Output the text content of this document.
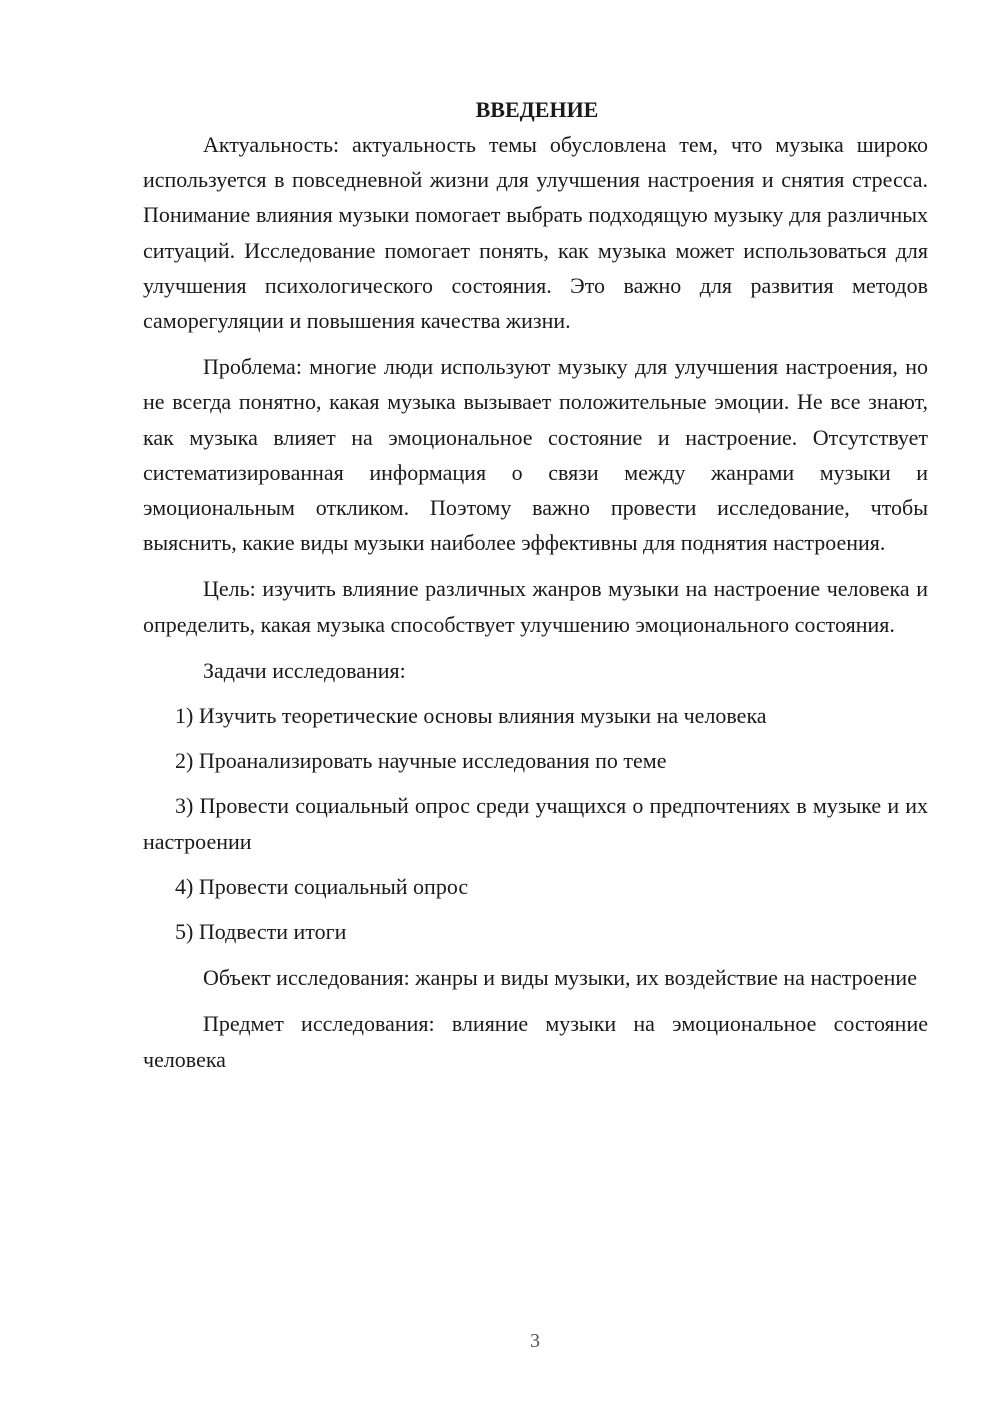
ВВЕДЕНИЕ

Актуальность: актуальность темы обусловлена тем, что музыка широко используется в повседневной жизни для улучшения настроения и снятия стресса. Понимание влияния музыки помогает выбрать подходящую музыку для различных ситуаций. Исследование помогает понять, как музыка может использоваться для улучшения психологического состояния. Это важно для развития методов саморегуляции и повышения качества жизни.

Проблема: многие люди используют музыку для улучшения настроения, но не всегда понятно, какая музыка вызывает положительные эмоции. Не все знают, как музыка влияет на эмоциональное состояние и настроение. Отсутствует систематизированная информация о связи между жанрами музыки и эмоциональным откликом. Поэтому важно провести исследование, чтобы выяснить, какие виды музыки наиболее эффективны для поднятия настроения.

Цель: изучить влияние различных жанров музыки на настроение человека и определить, какая музыка способствует улучшению эмоционального состояния.

Задачи исследования:

1) Изучить теоретические основы влияния музыки на человека

2) Проанализировать научные исследования по теме

3) Провести социальный опрос среди учащихся о предпочтениях в музыке и их настроении

4) Провести социальный опрос

5) Подвести итоги

Объект исследования: жанры и виды музыки, их воздействие на настроение

Предмет исследования: влияние музыки на эмоциональное состояние человека

3
